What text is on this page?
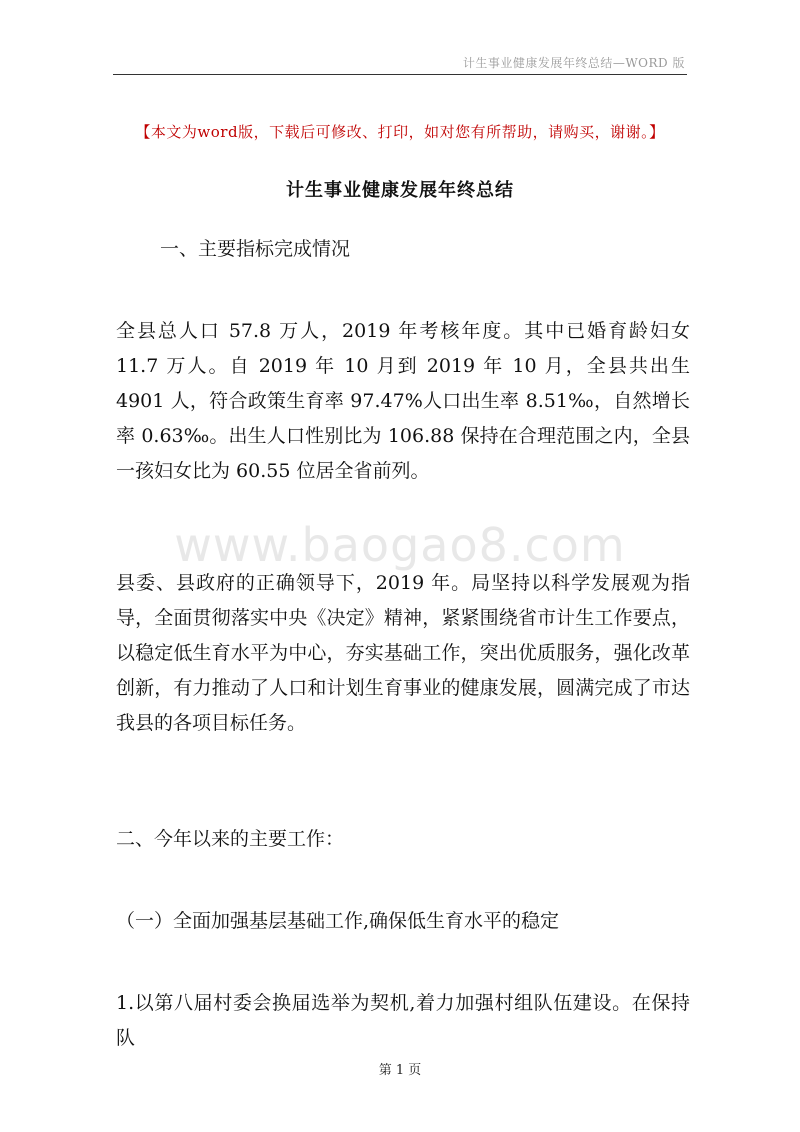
计生事业健康发展年终总结—WORD 版
【本文为word版，下载后可修改、打印，如对您有所帮助，请购买，谢谢。】
计生事业健康发展年终总结

一、主要指标完成情况

全县总人口 57.8 万人，2019 年考核年度。其中已婚育龄妇女 11.7 万人。自 2019 年 10 月到 2019 年 10 月，全县共出生 4901 人，符合政策生育率 97.47%人口出生率 8.51‰，自然增长率 0.63‰。出生人口性别比为 106.88 保持在合理范围之内，全县一孩妇女比为 60.55 位居全省前列。

www.baogao8.com

县委、县政府的正确领导下，2019 年。局坚持以科学发展观为指导，全面贯彻落实中央《决定》精神，紧紧围绕省市计生工作要点，以稳定低生育水平为中心，夯实基础工作，突出优质服务，强化改革创新，有力推动了人口和计划生育事业的健康发展，圆满完成了市达我县的各项目标任务。

二、今年以来的主要工作：

（一）全面加强基层基础工作,确保低生育水平的稳定

1.以第八届村委会换届选举为契机,着力加强村组队伍建设。在保持队

第 1 页
